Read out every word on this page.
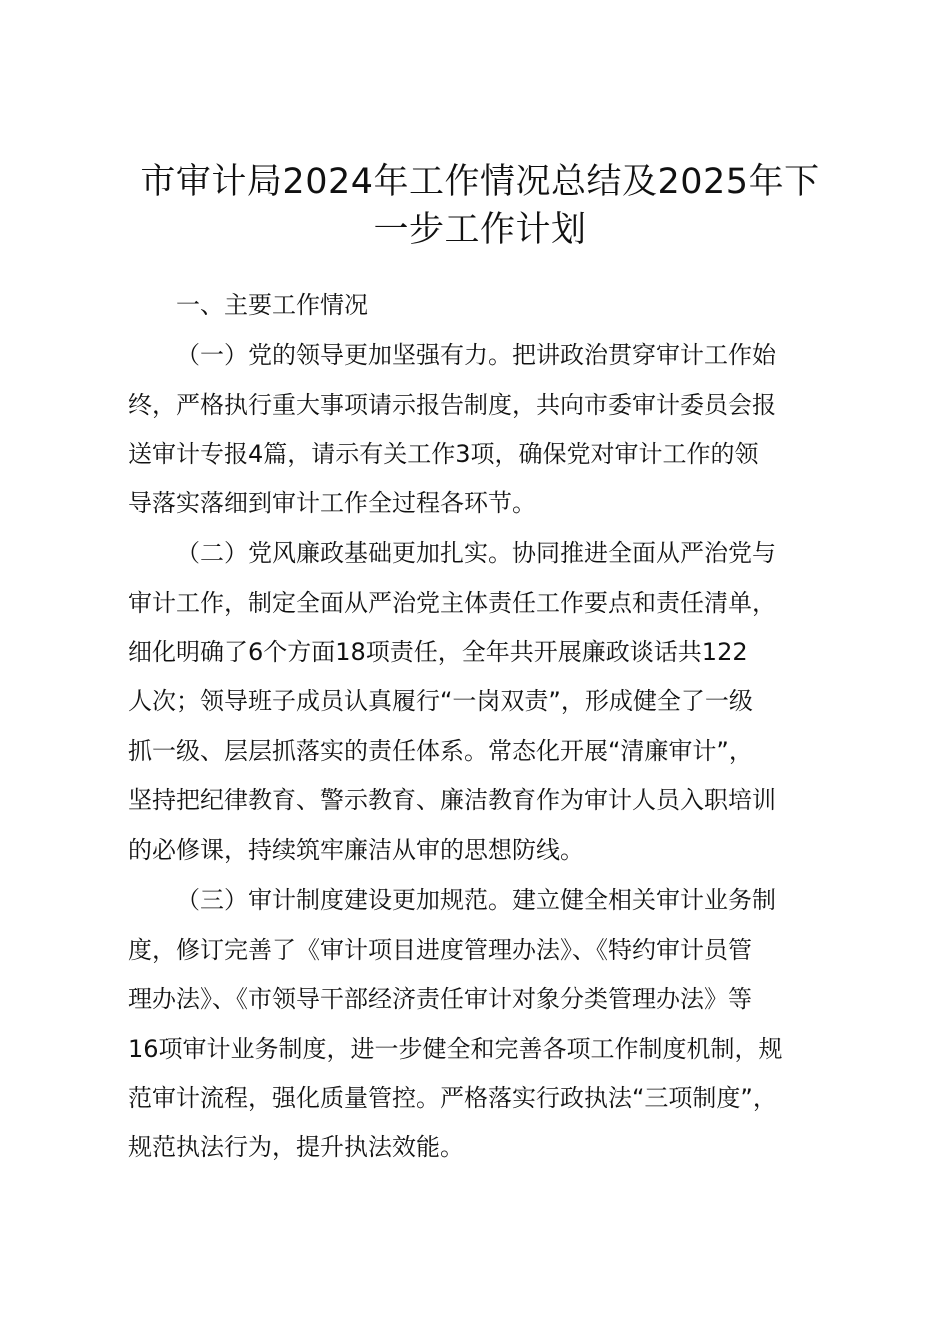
市审计局2024年工作情况总结及2025年下
一步工作计划
一、主要工作情况
（一）党的领导更加坚强有力。把讲政治贯穿审计工作始
终，严格执行重大事项请示报告制度，共向市委审计委员会报
送审计专报4篇，请示有关工作3项，确保党对审计工作的领
导落实落细到审计工作全过程各环节。
（二）党风廉政基础更加扎实。协同推进全面从严治党与
审计工作，制定全面从严治党主体责任工作要点和责任清单，
细化明确了6个方面18项责任，全年共开展廉政谈话共122
人次；领导班子成员认真履行“一岗双责”，形成健全了一级
抓一级、层层抓落实的责任体系。常态化开展“清廉审计”，
坚持把纪律教育、警示教育、廉洁教育作为审计人员入职培训
的必修课，持续筑牢廉洁从审的思想防线。
（三）审计制度建设更加规范。建立健全相关审计业务制
度，修订完善了《审计项目进度管理办法》、《特约审计员管
理办法》、《市领导干部经济责任审计对象分类管理办法》等
16项审计业务制度，进一步健全和完善各项工作制度机制，规
范审计流程，强化质量管控。严格落实行政执法“三项制度”，
规范执法行为，提升执法效能。
